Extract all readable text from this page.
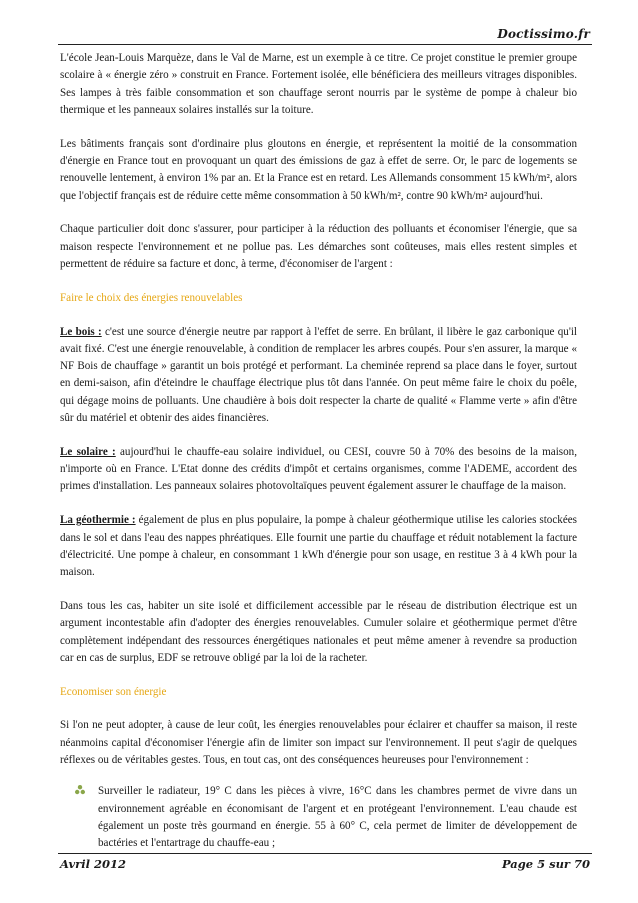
Doctissimo.fr

L'école Jean-Louis Marquèze, dans le Val de Marne, est un exemple à ce titre. Ce projet constitue le premier groupe scolaire à « énergie zéro » construit en France. Fortement isolée, elle bénéficiera des meilleurs vitrages disponibles. Ses lampes à très faible consommation et son chauffage seront nourris par le système de pompe à chaleur bio thermique et les panneaux solaires installés sur la toiture.

Les bâtiments français sont d'ordinaire plus gloutons en énergie, et représentent la moitié de la consommation d'énergie en France tout en provoquant un quart des émissions de gaz à effet de serre. Or, le parc de logements se renouvelle lentement, à environ 1% par an. Et la France est en retard. Les Allemands consomment 15 kWh/m², alors que l'objectif français est de réduire cette même consommation à 50 kWh/m², contre 90 kWh/m² aujourd'hui.

Chaque particulier doit donc s'assurer, pour participer à la réduction des polluants et économiser l'énergie, que sa maison respecte l'environnement et ne pollue pas. Les démarches sont coûteuses, mais elles restent simples et permettent de réduire sa facture et donc, à terme, d'économiser de l'argent :

Faire le choix des énergies renouvelables

Le bois : c'est une source d'énergie neutre par rapport à l'effet de serre. En brûlant, il libère le gaz carbonique qu'il avait fixé. C'est une énergie renouvelable, à condition de remplacer les arbres coupés. Pour s'en assurer, la marque « NF Bois de chauffage » garantit un bois protégé et performant. La cheminée reprend sa place dans le foyer, surtout en demi-saison, afin d'éteindre le chauffage électrique plus tôt dans l'année. On peut même faire le choix du poêle, qui dégage moins de polluants. Une chaudière à bois doit respecter la charte de qualité « Flamme verte » afin d'être sûr du matériel et obtenir des aides financières.

Le solaire : aujourd'hui le chauffe-eau solaire individuel, ou CESI, couvre 50 à 70% des besoins de la maison, n'importe où en France. L'Etat donne des crédits d'impôt et certains organismes, comme l'ADEME, accordent des primes d'installation. Les panneaux solaires photovoltaïques peuvent également assurer le chauffage de la maison.

La géothermie : également de plus en plus populaire, la pompe à chaleur géothermique utilise les calories stockées dans le sol et dans l'eau des nappes phréatiques. Elle fournit une partie du chauffage et réduit notablement la facture d'électricité. Une pompe à chaleur, en consommant 1 kWh d'énergie pour son usage, en restitue 3 à 4 kWh pour la maison.

Dans tous les cas, habiter un site isolé et difficilement accessible par le réseau de distribution électrique est un argument incontestable afin d'adopter des énergies renouvelables. Cumuler solaire et géothermique permet d'être complètement indépendant des ressources énergétiques nationales et peut même amener à revendre sa production car en cas de surplus, EDF se retrouve obligé par la loi de la racheter.

Economiser son énergie

Si l'on ne peut adopter, à cause de leur coût, les énergies renouvelables pour éclairer et chauffer sa maison, il reste néanmoins capital d'économiser l'énergie afin de limiter son impact sur l'environnement. Il peut s'agir de quelques réflexes ou de véritables gestes. Tous, en tout cas, ont des conséquences heureuses pour l'environnement :

Surveiller le radiateur, 19° C dans les pièces à vivre, 16°C dans les chambres permet de vivre dans un environnement agréable en économisant de l'argent et en protégeant l'environnement. L'eau chaude est également un poste très gourmand en énergie. 55 à 60° C, cela permet de limiter de développement de bactéries et l'entartrage du chauffe-eau ;
Avril 2012	Page 5 sur 70
